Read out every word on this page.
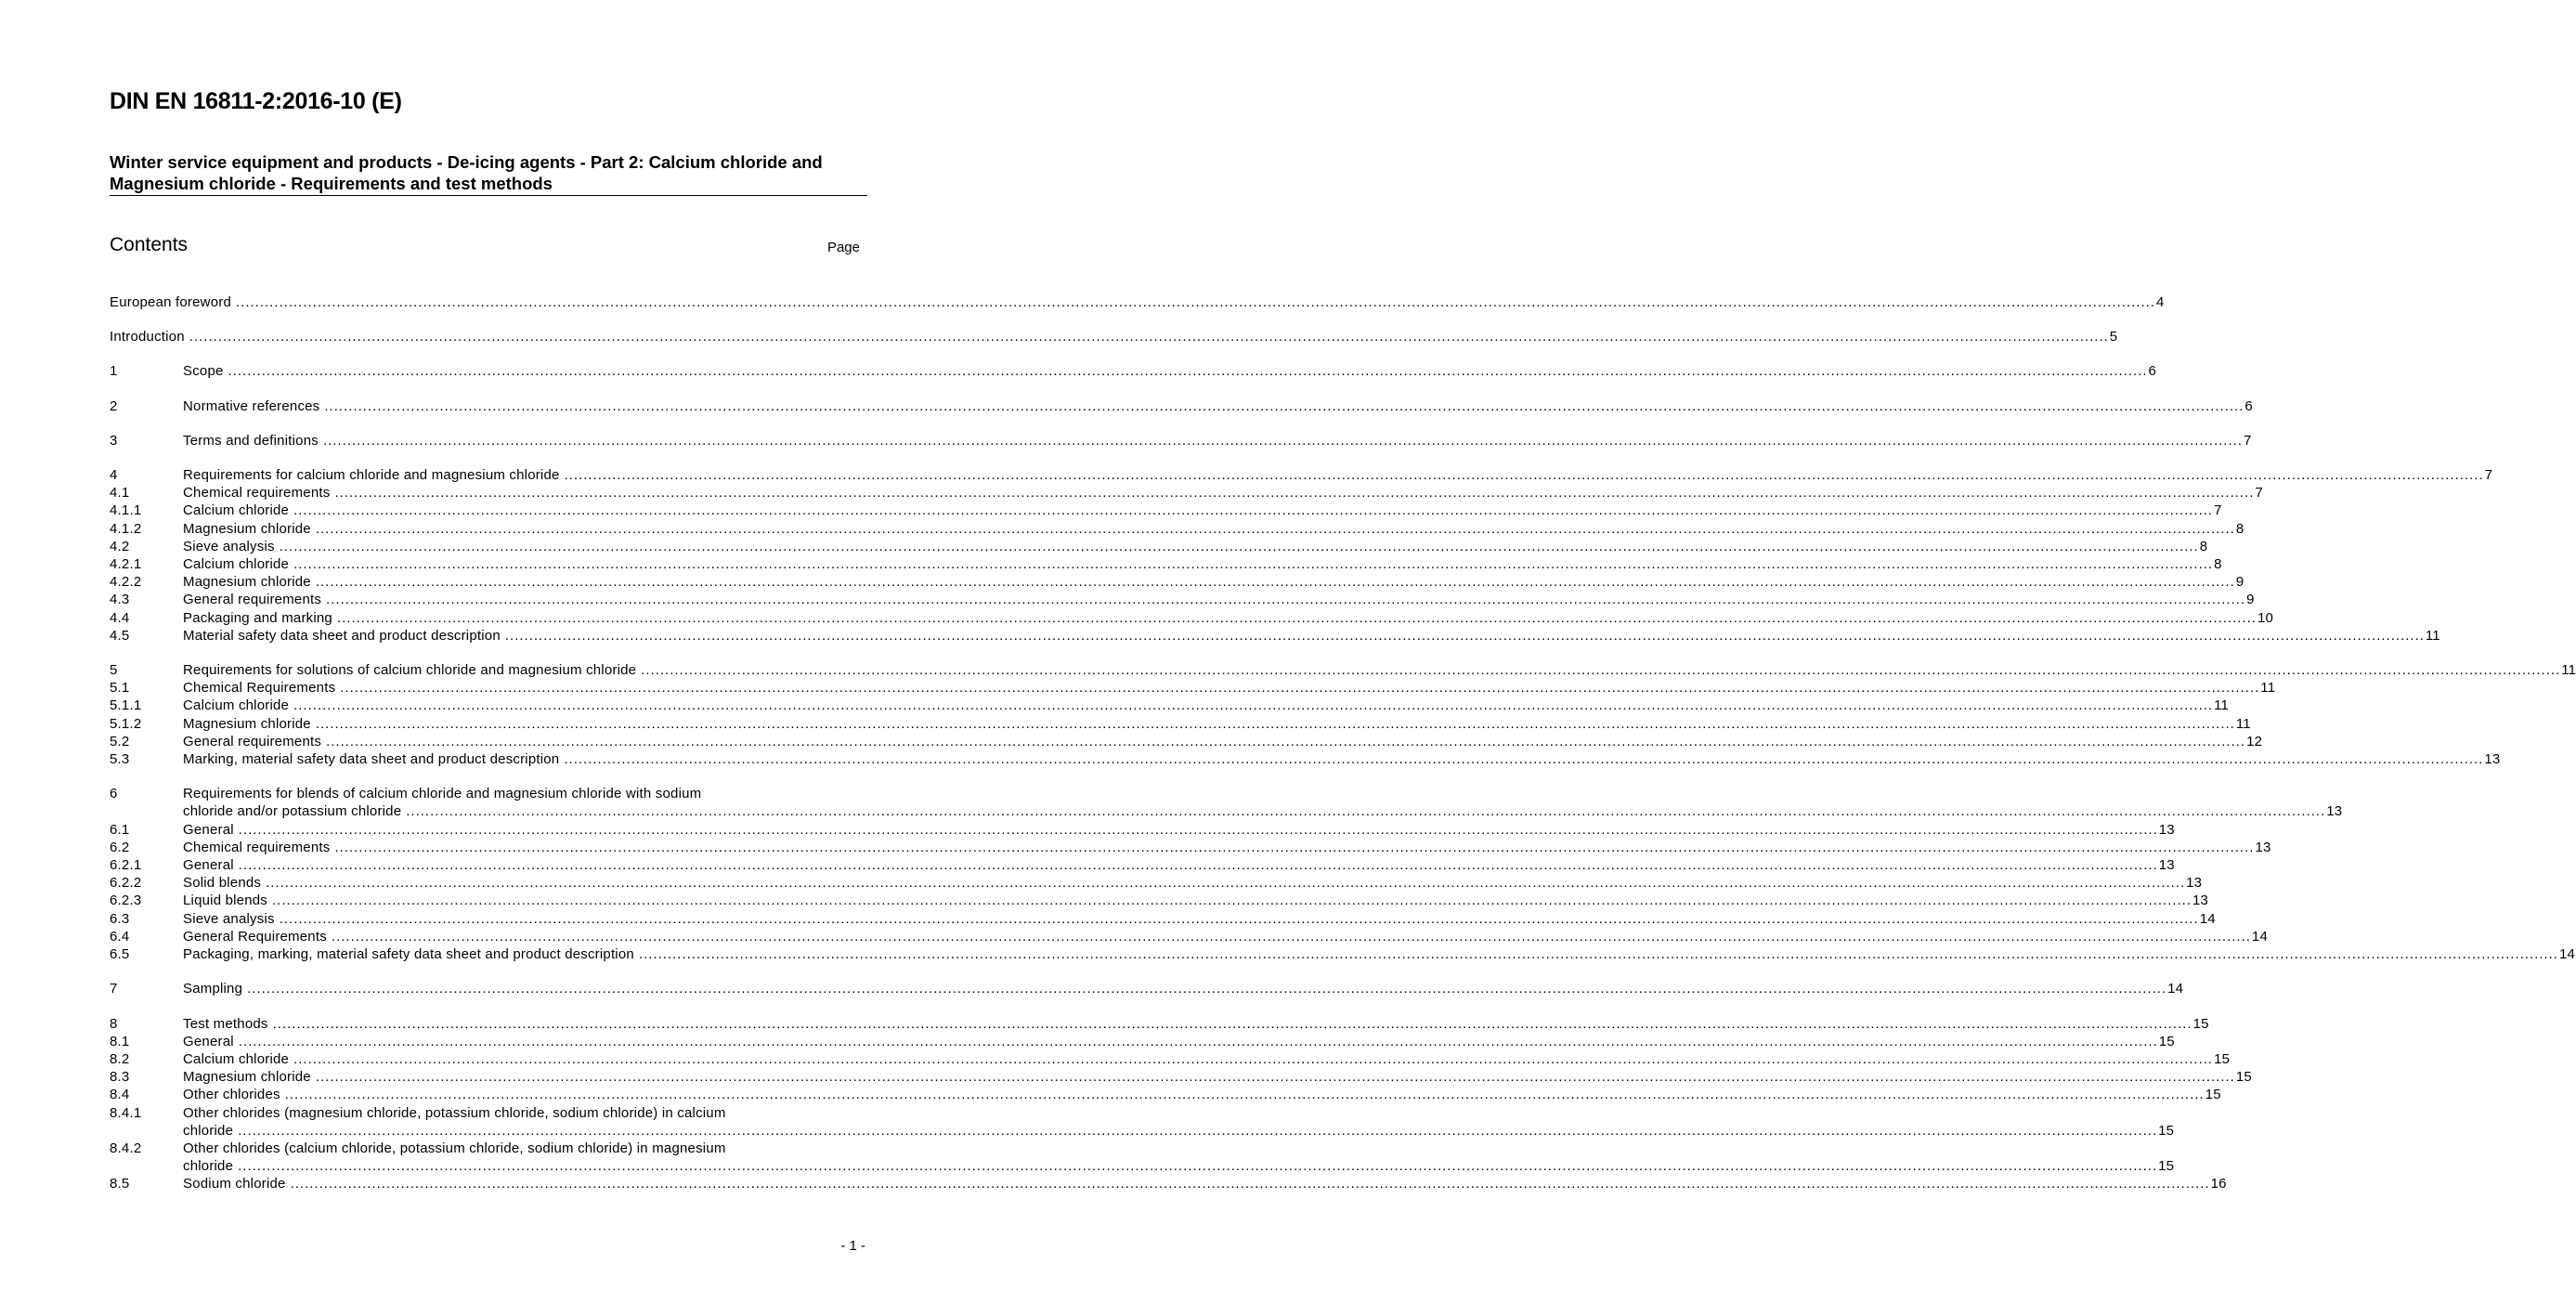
DIN EN 16811-2:2016-10 (E)
Winter service equipment and products - De-icing agents - Part 2: Calcium chloride and Magnesium chloride - Requirements and test methods
Contents	Page
European foreword ................................................................................................................................................................................................................................................................................................................................................................................................................ 4
Introduction ................................................................................................................................................................................................................................................................................................................................................................................................................ 5
1	Scope ................................................................................................................................................................................................................................................................................................................................................................................................................ 6
2	Normative references ................................................................................................................................................................................................................................................................................................................................................................................................................ 6
3	Terms and definitions ................................................................................................................................................................................................................................................................................................................................................................................................................ 7
4	Requirements for calcium chloride and magnesium chloride ................................................................................................................................................................................................................................................................................................................................................................................................................ 7
4.1	Chemical requirements ................................................................................................................................................................................................................................................................................................................................................................................................................ 7
4.1.1	Calcium chloride ................................................................................................................................................................................................................................................................................................................................................................................................................ 7
4.1.2	Magnesium chloride ................................................................................................................................................................................................................................................................................................................................................................................................................ 8
4.2	Sieve analysis ................................................................................................................................................................................................................................................................................................................................................................................................................ 8
4.2.1	Calcium chloride ................................................................................................................................................................................................................................................................................................................................................................................................................ 8
4.2.2	Magnesium chloride ................................................................................................................................................................................................................................................................................................................................................................................................................ 9
4.3	General requirements ................................................................................................................................................................................................................................................................................................................................................................................................................ 9
4.4	Packaging and marking ................................................................................................................................................................................................................................................................................................................................................................................................................ 10
4.5	Material safety data sheet and product description ................................................................................................................................................................................................................................................................................................................................................................................................................ 11
5	Requirements for solutions of calcium chloride and magnesium chloride ................................................................................................................................................................................................................................................................................................................................................................................................................ 11
5.1	Chemical Requirements ................................................................................................................................................................................................................................................................................................................................................................................................................ 11
5.1.1	Calcium chloride ................................................................................................................................................................................................................................................................................................................................................................................................................ 11
5.1.2	Magnesium chloride ................................................................................................................................................................................................................................................................................................................................................................................................................ 11
5.2	General requirements ................................................................................................................................................................................................................................................................................................................................................................................................................ 12
5.3	Marking, material safety data sheet and product description ................................................................................................................................................................................................................................................................................................................................................................................................................ 13
6	Requirements for blends of calcium chloride and magnesium chloride with sodium
chloride and/or potassium chloride ................................................................................................................................................................................................................................................................................................................................................................................................................ 13
6.1	General ................................................................................................................................................................................................................................................................................................................................................................................................................ 13
6.2	Chemical requirements ................................................................................................................................................................................................................................................................................................................................................................................................................ 13
6.2.1	General ................................................................................................................................................................................................................................................................................................................................................................................................................ 13
6.2.2	Solid blends ................................................................................................................................................................................................................................................................................................................................................................................................................ 13
6.2.3	Liquid blends ................................................................................................................................................................................................................................................................................................................................................................................................................ 13
6.3	Sieve analysis ................................................................................................................................................................................................................................................................................................................................................................................................................ 14
6.4	General Requirements ................................................................................................................................................................................................................................................................................................................................................................................................................ 14
6.5	Packaging, marking, material safety data sheet and product description ................................................................................................................................................................................................................................................................................................................................................................................................................ 14
7	Sampling ................................................................................................................................................................................................................................................................................................................................................................................................................ 14
8	Test methods ................................................................................................................................................................................................................................................................................................................................................................................................................ 15
8.1	General ................................................................................................................................................................................................................................................................................................................................................................................................................ 15
8.2	Calcium chloride ................................................................................................................................................................................................................................................................................................................................................................................................................ 15
8.3	Magnesium chloride ................................................................................................................................................................................................................................................................................................................................................................................................................ 15
8.4	Other chlorides ................................................................................................................................................................................................................................................................................................................................................................................................................ 15
8.4.1	Other chlorides (magnesium chloride, potassium chloride, sodium chloride) in calcium
chloride ................................................................................................................................................................................................................................................................................................................................................................................................................ 15
8.4.2	Other chlorides (calcium chloride, potassium chloride, sodium chloride) in magnesium
chloride ................................................................................................................................................................................................................................................................................................................................................................................................................ 15
8.5	Sodium chloride ................................................................................................................................................................................................................................................................................................................................................................................................................ 16
- 1 -
